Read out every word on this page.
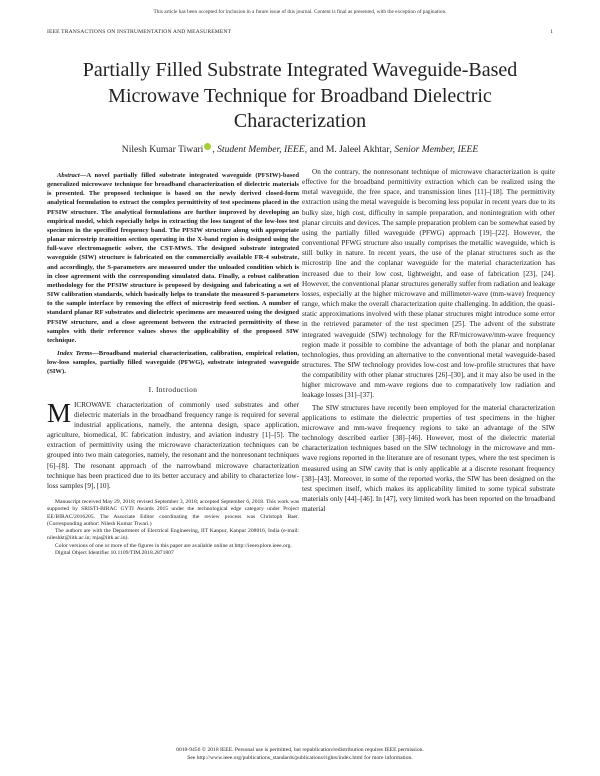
This article has been accepted for inclusion in a future issue of this journal. Content is final as presented, with the exception of pagination.
IEEE TRANSACTIONS ON INSTRUMENTATION AND MEASUREMENT	1
Partially Filled Substrate Integrated Waveguide-Based Microwave Technique for Broadband Dielectric Characterization
Nilesh Kumar Tiwari , Student Member, IEEE, and M. Jaleel Akhtar, Senior Member, IEEE

Abstract—A novel partially filled substrate integrated waveguide (PFSIW)-based generalized microwave technique for broadband characterization of dielectric materials is presented. The proposed technique is based on the newly derived closed-form analytical formulation to extract the complex permittivity of test specimens placed in the PFSIW structure. The analytical formulations are further improved by developing an empirical model, which especially helps in extracting the loss tangent of the low-loss test specimen in the specified frequency band. The PFSIW structure along with appropriate planar microstrip transition section operating in the X-band region is designed using the full-wave electromagnetic solver, the CST-MWS. The designed substrate integrated waveguide (SIW) structure is fabricated on the commercially available FR-4 substrate, and accordingly, the S-parameters are measured under the unloaded condition which is in close agreement with the corresponding simulated data. Finally, a robust calibration methodology for the PFSIW structure is proposed by designing and fabricating a set of SIW calibration standards, which basically helps to translate the measured S-parameters to the sample interface by removing the effect of microstrip feed section. A number of standard planar RF substrates and dielectric specimens are measured using the designed PFSIW structure, and a close agreement between the extracted permittivity of these samples with their reference values shows the applicability of the proposed SIW technique.

Index Terms—Broadband material characterization, calibration, empirical relation, low-loss samples, partially filled waveguide (PFWG), substrate integrated waveguide (SIW).

I. Introduction

MICROWAVE characterization of commonly used substrates and other dielectric materials in the broadband frequency range is required for several industrial applications, namely, the antenna design, space application, agriculture, biomedical, IC fabrication industry, and aviation industry [1]–[5]. The extraction of permittivity using the microwave characterization techniques can be grouped into two main categories, namely, the resonant and the nonresonant techniques [6]–[8]. The resonant approach of the narrowband microwave characterization technique has been practiced due to its better accuracy and ability to characterize low-loss samples [9], [10].

Manuscript received May 29, 2018; revised September 3, 2018; accepted September 6, 2018. This work was supported by SRISTI-BIRAC GYTI Awards 2015 under the technological edge category under Project EE/BIRAC/2016205. The Associate Editor coordinating the review process was Christoph Baer. (Corresponding author: Nilesh Kumar Tiwari.)

The authors are with the Department of Electrical Engineering, IIT Kanpur, Kanpur 208016, India (e-mail: nileshkt@iitk.ac.in; mja@iitk.ac.in).

Color versions of one or more of the figures in this paper are available online at http://ieeexplore.ieee.org.

Digital Object Identifier 10.1109/TIM.2018.2871807

On the contrary, the nonresonant technique of microwave characterization is quite effective for the broadband permittivity extraction which can be realized using the metal waveguide, the free space, and transmission lines [11]–[18]. The permittivity extraction using the metal waveguide is becoming less popular in recent years due to its bulky size, high cost, difficulty in sample preparation, and nonintegration with other planar circuits and devices. The sample preparation problem can be somewhat eased by using the partially filled waveguide (PFWG) approach [19]–[22]. However, the conventional PFWG structure also usually comprises the metallic waveguide, which is still bulky in nature. In recent years, the use of the planar structures such as the microstrip line and the coplanar waveguide for the material characterization has increased due to their low cost, lightweight, and ease of fabrication [23], [24]. However, the conventional planar structures generally suffer from radiation and leakage losses, especially at the higher microwave and millimeter-wave (mm-wave) frequency range, which make the overall characterization quite challenging. In addition, the quasi-static approximations involved with these planar structures might introduce some error in the retrieved parameter of the test specimen [25]. The advent of the substrate integrated waveguide (SIW) technology for the RF/microwave/mm-wave frequency region made it possible to combine the advantage of both the planar and nonplanar technologies, thus providing an alternative to the conventional metal waveguide-based structures. The SIW technology provides low-cost and low-profile structures that have the compatibility with other planar structures [26]–[30], and it may also be used in the higher microwave and mm-wave regions due to comparatively low radiation and leakage losses [31]–[37].

The SIW structures have recently been employed for the material characterization applications to estimate the dielectric properties of test specimens in the higher microwave and mm-wave frequency regions to take an advantage of the SIW technology described earlier [38]–[46]. However, most of the dielectric material characterization techniques based on the SIW technology in the microwave and mm-wave regions reported in the literature are of resonant types, where the test specimen is measured using an SIW cavity that is only applicable at a discrete resonant frequency [38]–[43]. Moreover, in some of the reported works, the SIW has been designed on the test specimen itself, which makes its applicability limited to some typical substrate materials only [44]–[46]. In [47], very limited work has been reported on the broadband material

0018-9456 © 2018 IEEE. Personal use is permitted, but republication/redistribution requires IEEE permission.
See http://www.ieee.org/publications_standards/publications/rights/index.html for more information.
